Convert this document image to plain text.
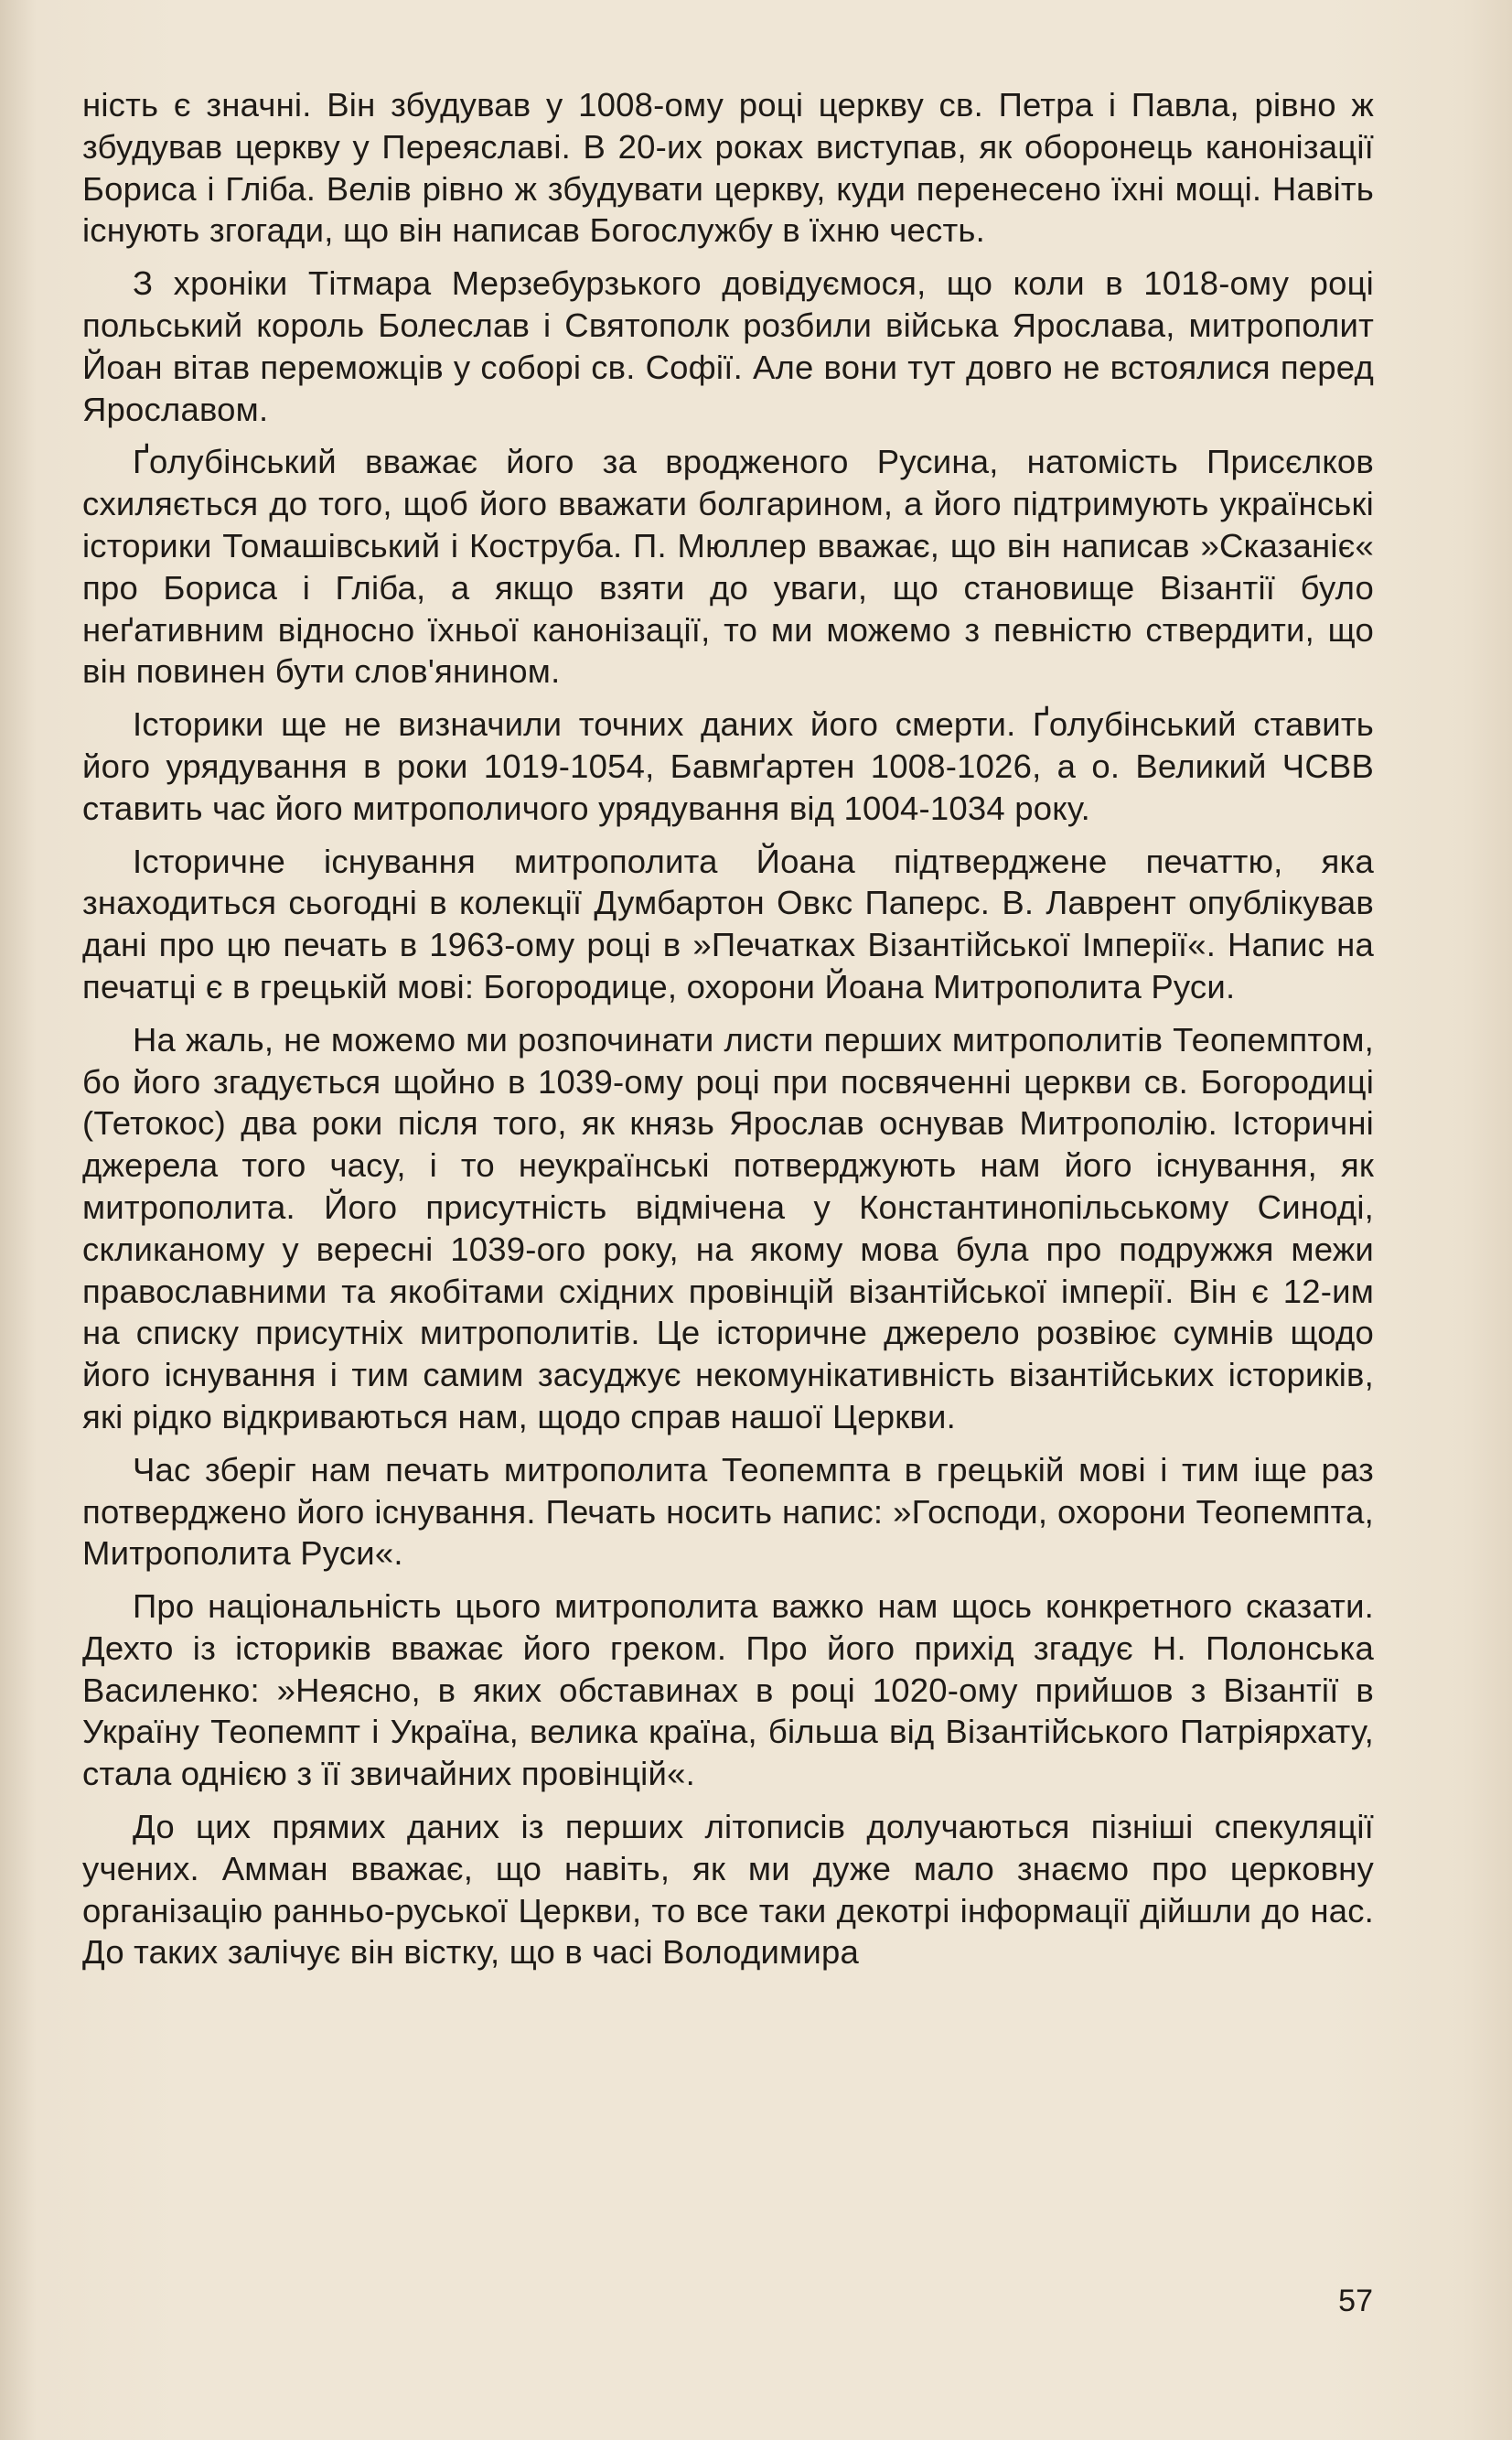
ність є значні. Він збудував у 1008-ому році церкву св. Петра і Павла, рівно ж збудував церкву у Переяславі. В 20-их роках виступав, як оборонець канонізації Бориса і Гліба. Велів рівно ж збудувати церкву, куди перенесено їхні мощі. Навіть існують згогади, що він написав Богослужбу в їхню честь.

З хроніки Тітмара Мерзебурзького довідуємося, що коли в 1018-ому році польський король Болеслав і Святополк розбили війська Ярослава, митрополит Йоан вітав переможців у соборі св. Софії. Але вони тут довго не встоялися перед Ярославом.

Ґолубінський вважає його за вродженого Русина, натомість Присєлков схиляється до того, щоб його вважати болгарином, а його підтримують українські історики Томашівський і Коструба. П. Мюллер вважає, що він написав »Сказаніє« про Бориса і Гліба, а якщо взяти до уваги, що становище Візантії було неґативним відносно їхньої канонізації, то ми можемо з певністю ствердити, що він повинен бути слов'янином.

Історики ще не визначили точних даних його смерти. Ґолубінський ставить його урядування в роки 1019-1054, Бавмґартен 1008-1026, а о. Великий ЧСВВ ставить час його митрополичого урядування від 1004-1034 року.

Історичне існування митрополита Йоана підтверджене печаттю, яка знаходиться сьогодні в колекції Думбартон Овкс Паперс. В. Лаврент опублікував дані про цю печать в 1963-ому році в »Печатках Візантійської Імперії«. Напис на печатці є в грецькій мові: Богородице, охорони Йоана Митрополита Руси.

На жаль, не можемо ми розпочинати листи перших митрополитів Теопемптом, бо його згадується щойно в 1039-ому році при посвяченні церкви св. Богородиці (Тетокос) два роки після того, як князь Ярослав оснував Митрополію. Історичні джерела того часу, і то неукраїнські потверджують нам його існування, як митрополита. Його присутність відмічена у Константинопільському Синоді, скликаному у вересні 1039-ого року, на якому мова була про подружжя межи православними та якобітами східних провінцій візантійської імперії. Він є 12-им на списку присутніх митрополитів. Це історичне джерело розвіює сумнів щодо його існування і тим самим засуджує некомунікативність візантійських істориків, які рідко відкриваються нам, щодо справ нашої Церкви.

Час зберіг нам печать митрополита Теопемпта в грецькій мові і тим іще раз потверджено його існування. Печать носить напис: »Господи, охорони Теопемпта, Митрополита Руси«.

Про національність цього митрополита важко нам щось конкретного сказати. Дехто із істориків вважає його греком. Про його прихід згадує Н. Полонська Василенко: »Неясно, в яких обставинах в році 1020-ому прийшов з Візантії в Україну Теопемпт і Україна, велика країна, більша від Візантійського Патріярхату, стала однією з її звичайних провінцій«.

До цих прямих даних із перших літописів долучаються пізніші спекуляції учених. Амман вважає, що навіть, як ми дуже мало знаємо про церковну організацію ранньо-руської Церкви, то все таки декотрі інформації дійшли до нас. До таких залічує він вістку, що в часі Володимира

57
